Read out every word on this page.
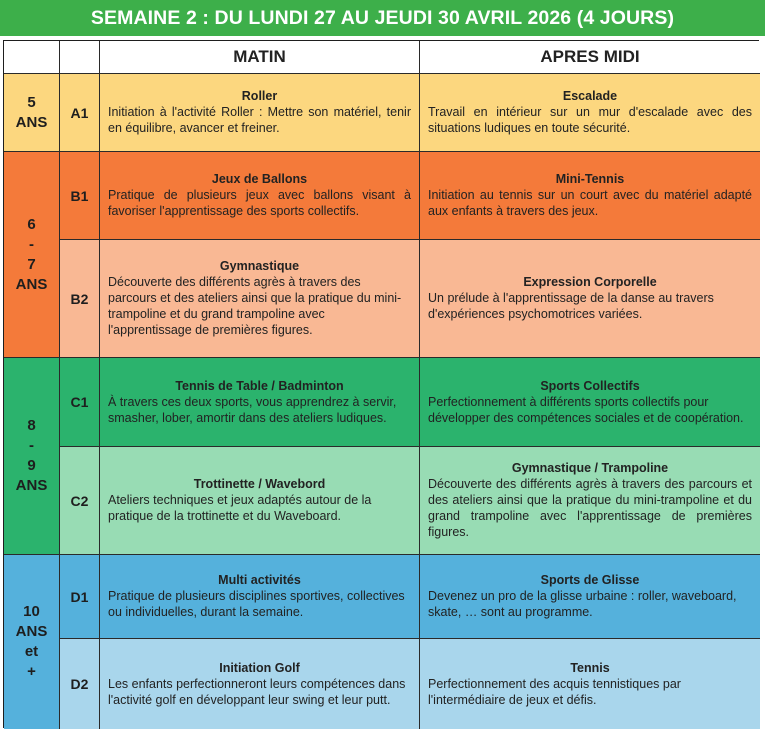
SEMAINE 2 : DU LUNDI 27 AU JEUDI 30 AVRIL 2026 (4 JOURS)
MATIN	APRES MIDI
5
ANS
6
-
7
ANS
8
-
9
ANS
10
ANS
et
+
A1
Roller
Initiation à l'activité Roller : Mettre son matériel, tenir en équilibre, avancer et freiner.
Escalade
Travail en intérieur sur un mur d'escalade avec des situations ludiques en toute sécurité.
B1
Jeux de Ballons
Pratique de plusieurs jeux avec ballons visant à favoriser l'apprentissage des sports collectifs.
Mini-Tennis
Initiation au tennis sur un court avec du matériel adapté aux enfants à travers des jeux.
B2
Gymnastique
Découverte des différents agrès à travers des parcours et des ateliers ainsi que la pratique du mini-trampoline et du grand trampoline avec l'apprentissage de premières figures.
Expression Corporelle
Un prélude à l'apprentissage de la danse au travers d'expériences psychomotrices variées.
C1
Tennis de Table / Badminton
À travers ces deux sports, vous apprendrez à servir, smasher, lober, amortir dans des ateliers ludiques.
Sports Collectifs
Perfectionnement à différents sports collectifs pour développer des compétences sociales et de coopération.
C2
Trottinette / Wavebord
Ateliers techniques et jeux adaptés autour de la pratique de la trottinette et du Waveboard.
Gymnastique / Trampoline
Découverte des différents agrès à travers des parcours et des ateliers ainsi que la pratique du mini-trampoline et du grand trampoline avec l'apprentissage de premières figures.
D1
Multi activités
Pratique de plusieurs disciplines sportives, collectives ou individuelles, durant la semaine.
Sports de Glisse
Devenez un pro de la glisse urbaine : roller, waveboard, skate, … sont au programme.
D2
Initiation Golf
Les enfants perfectionneront leurs compétences dans l'activité golf en développant leur swing et leur putt.
Tennis
Perfectionnement des acquis tennistiques par l'intermédiaire de jeux et défis.
